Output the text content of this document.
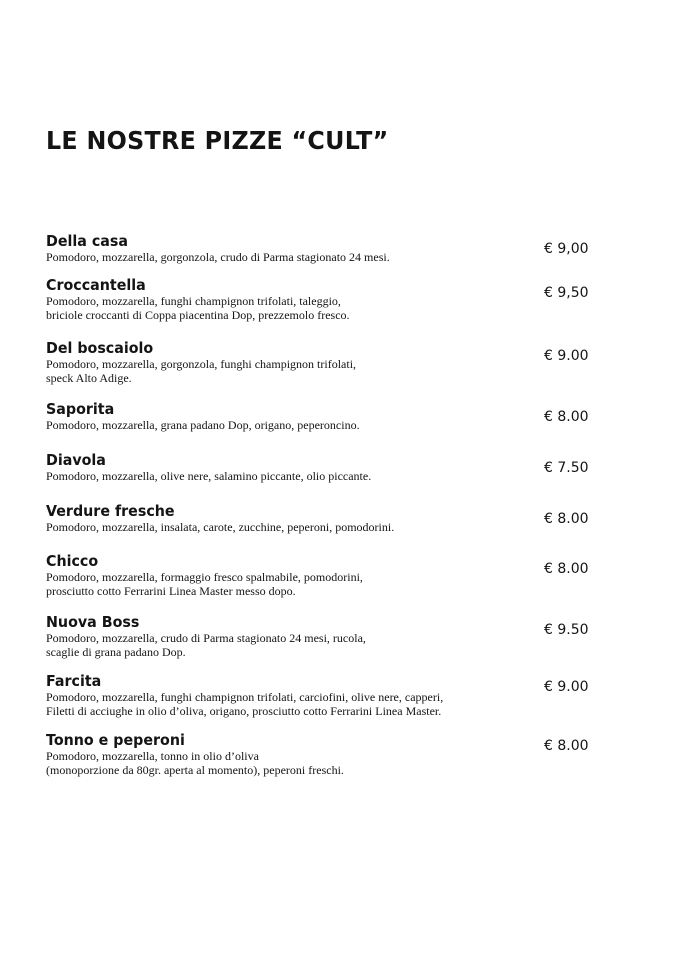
LE NOSTRE PIZZE “CULT”
Della casa
Pomodoro, mozzarella, gorgonzola, crudo di Parma stagionato 24 mesi.	€ 9,00
Croccantella
Pomodoro, mozzarella, funghi champignon trifolati, taleggio,
briciole croccanti di Coppa piacentina Dop, prezzemolo fresco.
€ 9,50
Del boscaiolo
Pomodoro, mozzarella, gorgonzola, funghi champignon trifolati,
speck Alto Adige.
€ 9.00
Saporita
Pomodoro, mozzarella, grana padano Dop, origano, peperoncino.	€ 8.00
Diavola
Pomodoro, mozzarella, olive nere, salamino piccante, olio piccante.	€ 7.50
Verdure fresche
Pomodoro, mozzarella, insalata, carote, zucchine, peperoni, pomodorini.	€ 8.00
Chicco
Pomodoro, mozzarella, formaggio fresco spalmabile, pomodorini,
prosciutto cotto Ferrarini Linea Master messo dopo.
€ 8.00
Nuova Boss
Pomodoro, mozzarella, crudo di Parma stagionato 24 mesi, rucola,
scaglie di grana padano Dop.
€ 9.50
Farcita
Pomodoro, mozzarella, funghi champignon trifolati, carciofini, olive nere, capperi,
Filetti di acciughe in olio d’oliva, origano, prosciutto cotto Ferrarini Linea Master.
€ 9.00
Tonno e peperoni
Pomodoro, mozzarella, tonno in olio d’oliva
(monoporzione da 80gr. aperta al momento), peperoni freschi.
€ 8.00
